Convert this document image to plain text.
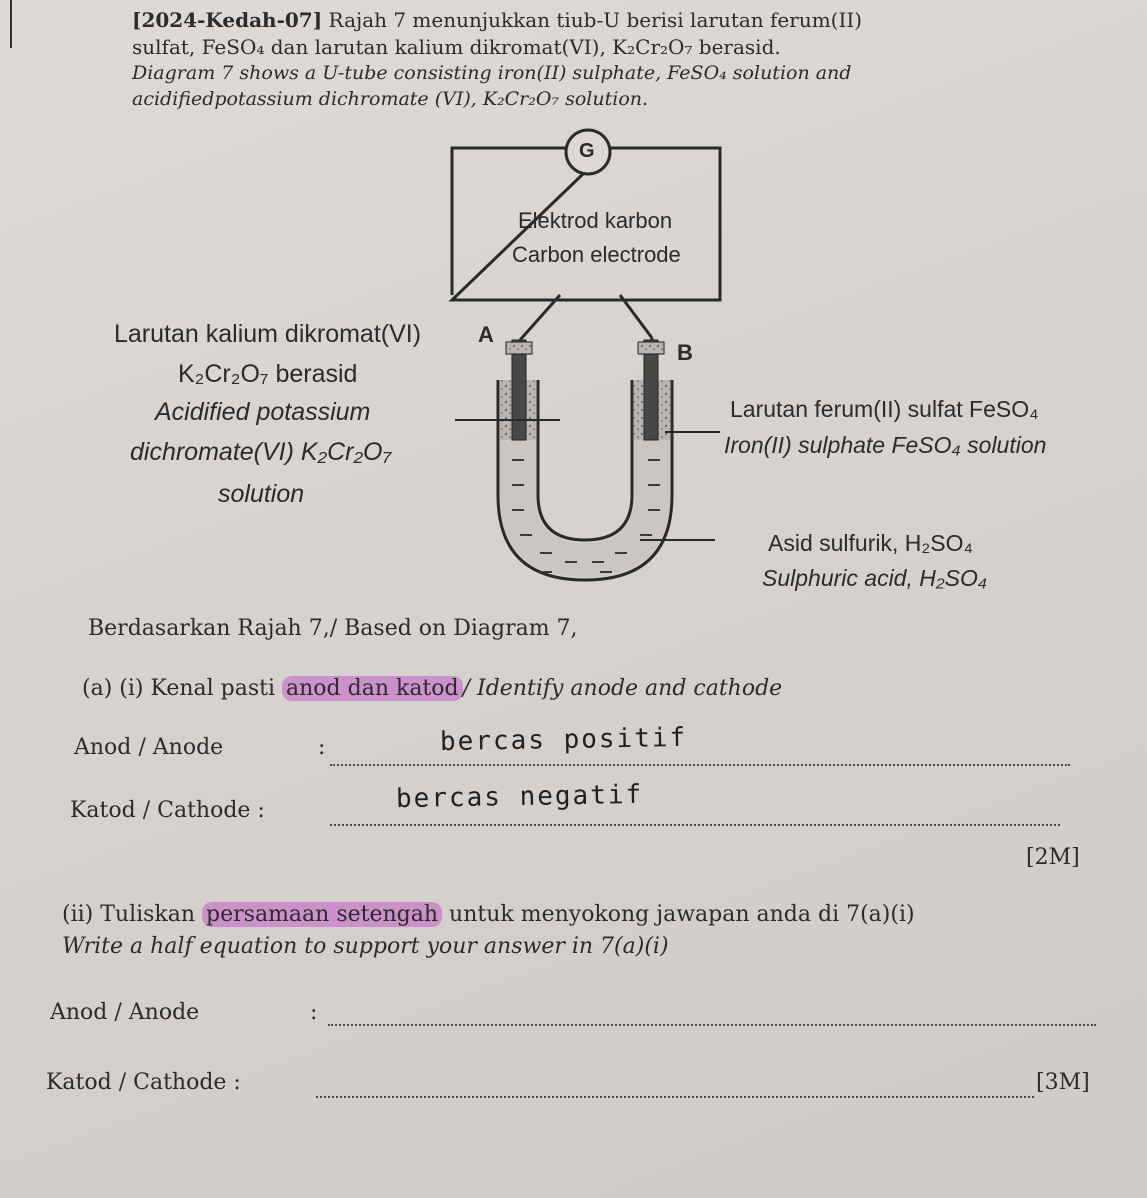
[2024-Kedah-07] Rajah 7 menunjukkan tiub-U berisi larutan ferum(II)
sulfat, FeSO₄ dan larutan kalium dikromat(VI), K₂Cr₂O₇ berasid.
Diagram 7 shows a U-tube consisting iron(II) sulphate, FeSO₄ solution and
acidifiedpotassium dichromate (VI), K₂Cr₂O₇ solution.
G
Elektrod karbon
Carbon electrode
A
B
Larutan kalium dikromat(VI)
K₂Cr₂O₇ berasid
Acidified potassium
dichromate(VI) K₂Cr₂O₇
solution
Larutan ferum(II) sulfat FeSO₄
Iron(II) sulphate FeSO₄ solution
Asid sulfurik, H₂SO₄
Sulphuric acid, H₂SO₄
Berdasarkan Rajah 7,/ Based on Diagram 7,
(a) (i) Kenal pasti anod dan katod / Identify anode and cathode
Anod / Anode	:	bercas positif
Katod / Cathode :	bercas negatif
[2M]
(ii) Tuliskan persamaan setengah untuk menyokong jawapan anda di 7(a)(i)
Write a half equation to support your answer in 7(a)(i)
Anod / Anode	:
Katod / Cathode :	[3M]
